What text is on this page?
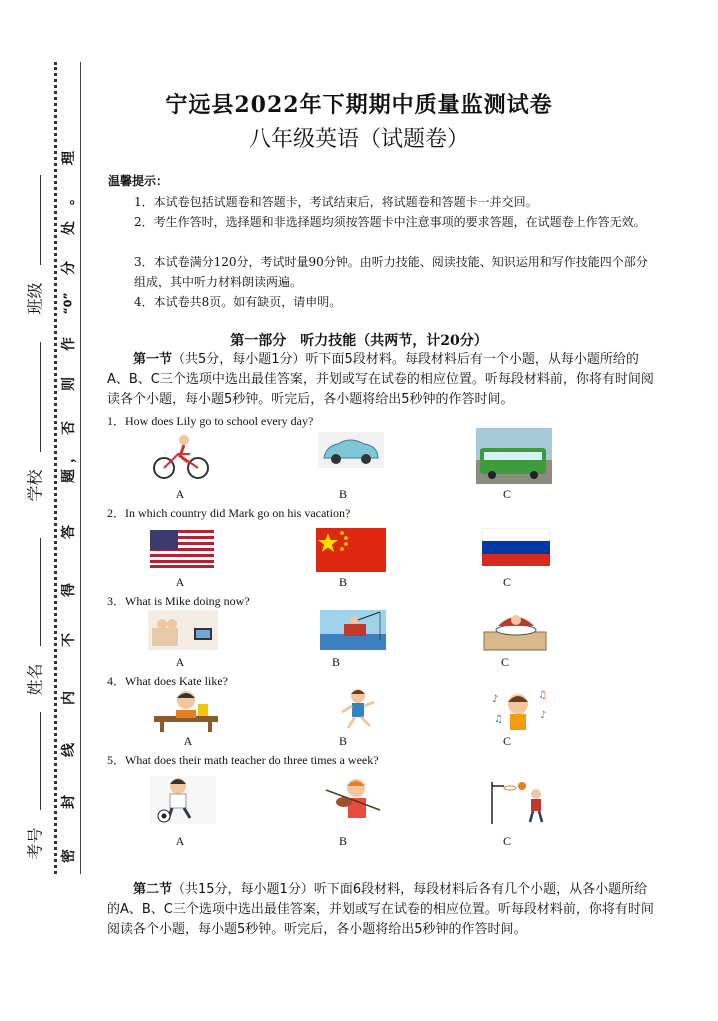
理
。
处
分
“0”
作
则
否
，
题
答
得
不
内
线
封
密
班级
学校
姓名
考号
宁远县2022年下期期中质量监测试卷
八年级英语（试题卷）
温馨提示：
1．本试卷包括试题卷和答题卡，考试结束后，将试题卷和答题卡一并交回。
2．考生作答时，选择题和非选择题均须按答题卡中注意事项的要求答题，在试题卷上作答无效。
3．本试卷满分120分，考试时量90分钟。由听力技能、阅读技能、知识运用和写作技能四个部分组成，其中听力材料朗读两遍。
4．本试卷共8页。如有缺页，请申明。
第一部分　听力技能（共两节，计20分）
第一节（共5分，每小题1分）听下面5段材料。每段材料后有一个小题，从每小题所给的A、B、C三个选项中选出最佳答案，并划或写在试卷的相应位置。听每段材料前，你将有时间阅读各个小题，每小题5秒钟。听完后，各小题将给出5秒钟的作答时间。
1．How does Lily go to school every day?
A	B	C
2．In which country did Mark go on his vacation?
A	B	C
3．What is Mike doing now?
A	B	C
4．What does Kate like?
♪	♫
♪
♫
A	B	C
5．What does their math teacher do three times a week?
A	B	C
第二节（共15分，每小题1分）听下面6段材料，每段材料后各有几个小题，从各小题所给的A、B、C三个选项中选出最佳答案，并划或写在试卷的相应位置。听每段材料前，你将有时间阅读各个小题，每小题5秒钟。听完后，各小题将给出5秒钟的作答时间。
